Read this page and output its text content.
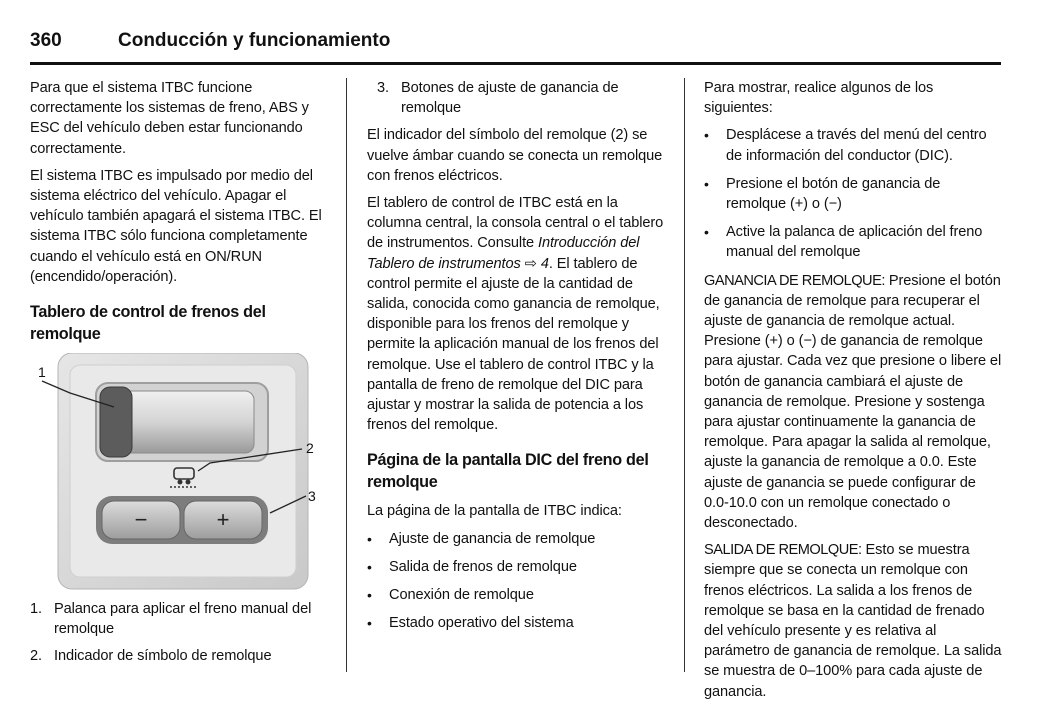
360	Conducción y funcionamiento

Para que el sistema ITBC funcione correctamente los sistemas de freno, ABS y ESC del vehículo deben estar funcionando correctamente.

El sistema ITBC es impulsado por medio del sistema eléctrico del vehículo. Apagar el vehículo también apagará el sistema ITBC. El sistema ITBC sólo funciona completamente cuando el vehículo está en ON/RUN (encendido/operación).

Tablero de control de frenos del remolque
−	+
1
2
3
1. Palanca para aplicar el freno manual del remolque
2. Indicador de símbolo de remolque
3. Botones de ajuste de ganancia de remolque

El indicador del símbolo del remolque (2) se vuelve ámbar cuando se conecta un remolque con frenos eléctricos.

El tablero de control de ITBC está en la columna central, la consola central o el tablero de instrumentos. Consulte Introducción del Tablero de instrumentos ⇨ 4. El tablero de control permite el ajuste de la cantidad de salida, conocida como ganancia de remolque, disponible para los frenos del remolque y permite la aplicación manual de los frenos del remolque. Use el tablero de control ITBC y la pantalla de freno de remolque del DIC para ajustar y mostrar la salida de potencia a los frenos del remolque.

Página de la pantalla DIC del freno del remolque

La página de la pantalla de ITBC indica:

•	Ajuste de ganancia de remolque
•	Salida de frenos de remolque
•	Conexión de remolque
•	Estado operativo del sistema

Para mostrar, realice algunos de los siguientes:

•	Desplácese a través del menú del centro de información del conductor (DIC).
•	Presione el botón de ganancia de remolque (+) o (−)
•	Active la palanca de aplicación del freno manual del remolque

GANANCIA DE REMOLQUE: Presione el botón de ganancia de remolque para recuperar el ajuste de ganancia de remolque actual. Presione (+) o (−) de ganancia de remolque para ajustar. Cada vez que presione o libere el botón de ganancia cambiará el ajuste de ganancia de remolque. Presione y sostenga para ajustar continuamente la ganancia de remolque. Para apagar la salida al remolque, ajuste la ganancia de remolque a 0.0. Este ajuste de ganancia se puede configurar de 0.0-10.0 con un remolque conectado o desconectado.

SALIDA DE REMOLQUE: Esto se muestra siempre que se conecta un remolque con frenos eléctricos. La salida a los frenos de remolque se basa en la cantidad de frenado del vehículo presente y es relativa al parámetro de ganancia de remolque. La salida se muestra de 0–100% para cada ajuste de ganancia.
